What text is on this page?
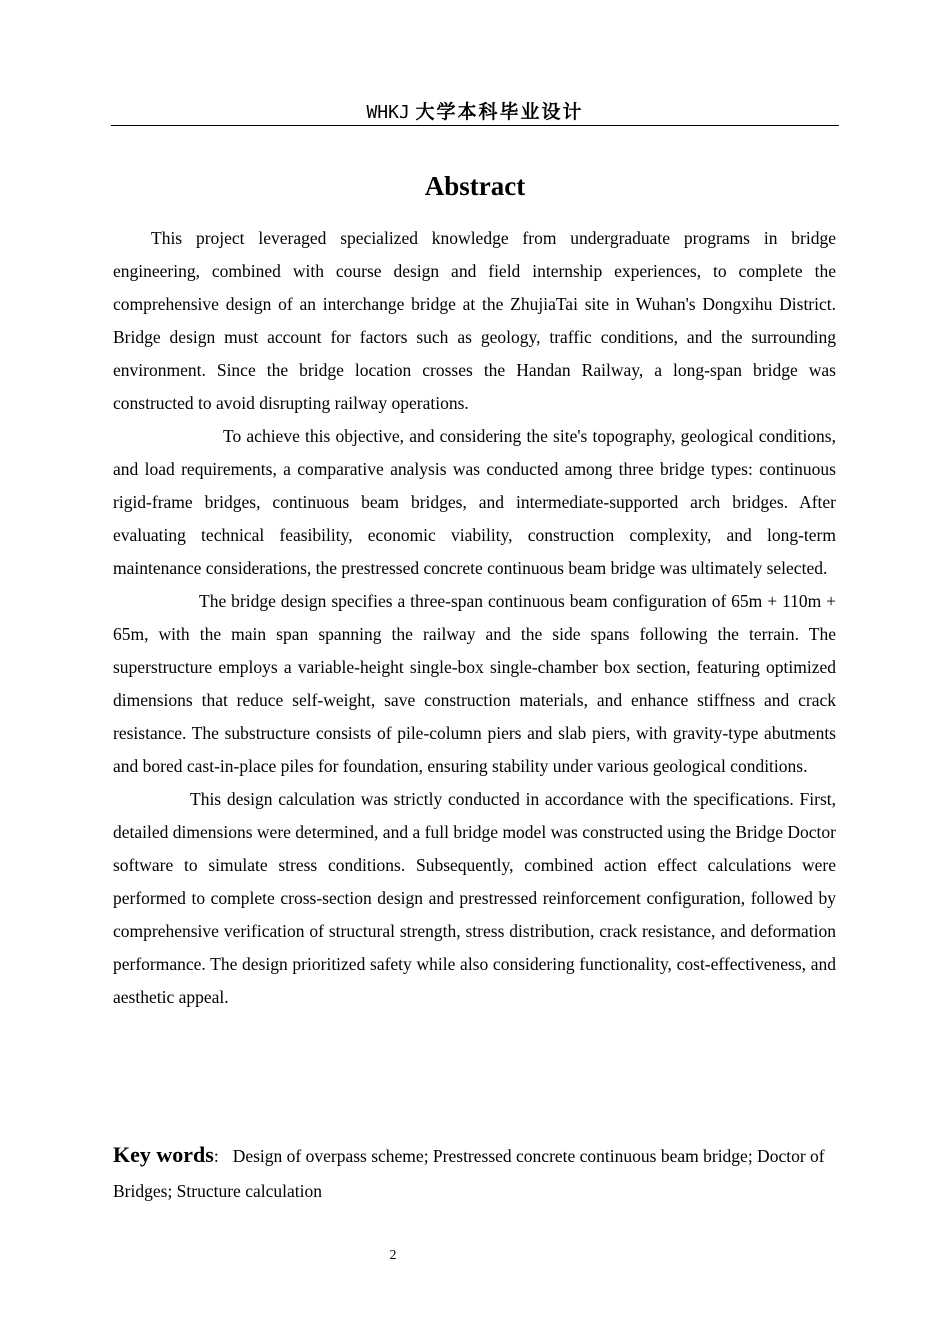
WHKJ 大学本科毕业设计
Abstract

This project leveraged specialized knowledge from undergraduate programs in bridge engineering, combined with course design and field internship experiences, to complete the comprehensive design of an interchange bridge at the ZhujiaTai site in Wuhan's Dongxihu District. Bridge design must account for factors such as geology, traffic conditions, and the surrounding environment. Since the bridge location crosses the Handan Railway, a long-span bridge was constructed to avoid disrupting railway operations.

To achieve this objective, and considering the site's topography, geological conditions, and load requirements, a comparative analysis was conducted among three bridge types: continuous rigid-frame bridges, continuous beam bridges, and intermediate-supported arch bridges. After evaluating technical feasibility, economic viability, construction complexity, and long-term maintenance considerations, the prestressed concrete continuous beam bridge was ultimately selected.

The bridge design specifies a three-span continuous beam configuration of 65m + 110m + 65m, with the main span spanning the railway and the side spans following the terrain. The superstructure employs a variable-height single-box single-chamber box section, featuring optimized dimensions that reduce self-weight, save construction materials, and enhance stiffness and crack resistance. The substructure consists of pile-column piers and slab piers, with gravity-type abutments and bored cast-in-place piles for foundation, ensuring stability under various geological conditions.

This design calculation was strictly conducted in accordance with the specifications. First, detailed dimensions were determined, and a full bridge model was constructed using the Bridge Doctor software to simulate stress conditions. Subsequently, combined action effect calculations were performed to complete cross-section design and prestressed reinforcement configuration, followed by comprehensive verification of structural strength, stress distribution, crack resistance, and deformation performance. The design prioritized safety while also considering functionality, cost-effectiveness, and aesthetic appeal.

Key words: Design of overpass scheme; Prestressed concrete continuous beam bridge; Doctor of Bridges; Structure calculation
2
